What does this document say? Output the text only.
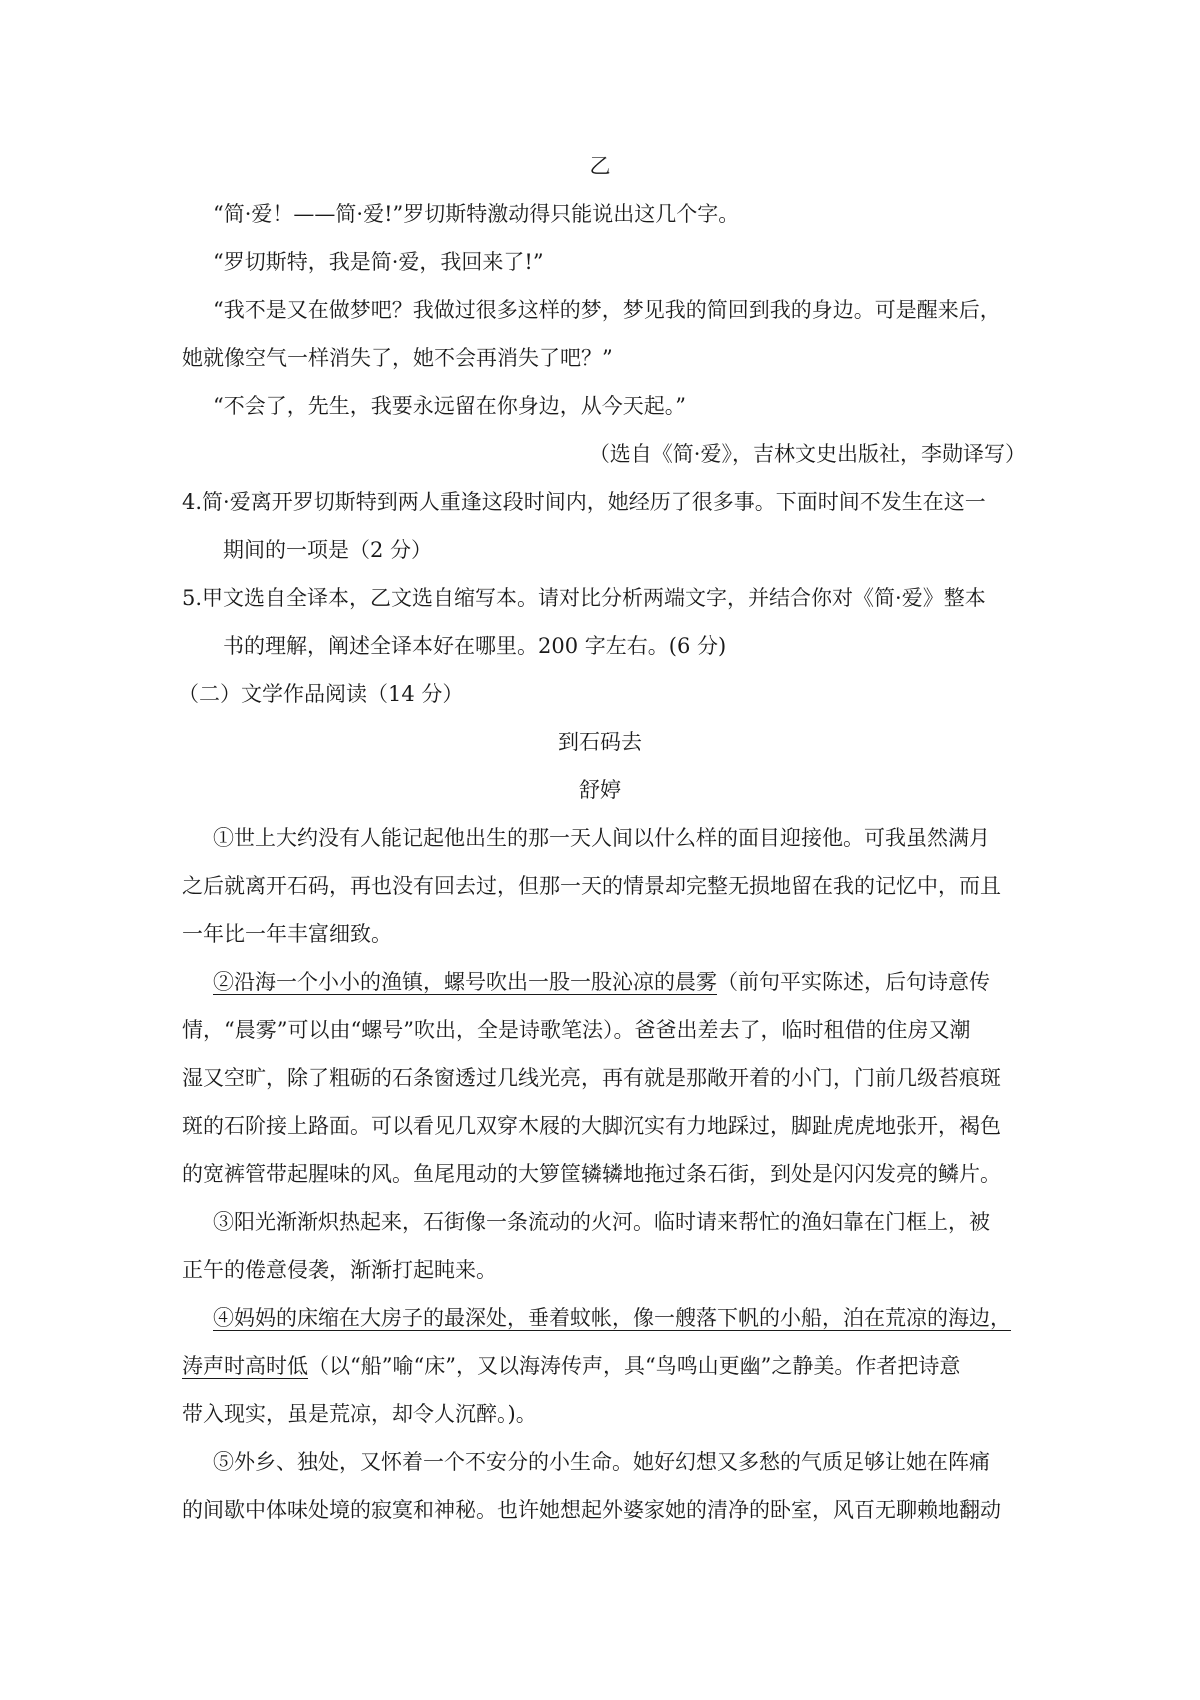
乙
“简·爱！——简·爱!”罗切斯特激动得只能说出这几个字。
“罗切斯特，我是简·爱，我回来了!”
“我不是又在做梦吧？我做过很多这样的梦，梦见我的简回到我的身边。可是醒来后，
她就像空气一样消失了，她不会再消失了吧？”
“不会了，先生，我要永远留在你身边，从今天起。”
（选自《简·爱》，吉林文史出版社，李勋译写）
4.简·爱离开罗切斯特到两人重逢这段时间内，她经历了很多事。下面时间不发生在这一
期间的一项是（2 分）
5.甲文选自全译本，乙文选自缩写本。请对比分析两端文字，并结合你对《简·爱》整本
书的理解，阐述全译本好在哪里。200 字左右。(6 分)
（二）文学作品阅读（14 分）
到石码去
舒婷
①世上大约没有人能记起他出生的那一天人间以什么样的面目迎接他。可我虽然满月
之后就离开石码，再也没有回去过，但那一天的情景却完整无损地留在我的记忆中，而且
一年比一年丰富细致。
②沿海一个小小的渔镇，螺号吹出一股一股沁凉的晨雾（前句平实陈述，后句诗意传
情，“晨雾”可以由“螺号”吹出，全是诗歌笔法）。爸爸出差去了，临时租借的住房又潮
湿又空旷，除了粗砺的石条窗透过几线光亮，再有就是那敞开着的小门，门前几级苔痕斑
斑的石阶接上路面。可以看见几双穿木屐的大脚沉实有力地踩过，脚趾虎虎地张开，褐色
的宽裤管带起腥味的风。鱼尾甩动的大箩筐辚辚地拖过条石街，到处是闪闪发亮的鳞片。
③阳光渐渐炽热起来，石街像一条流动的火河。临时请来帮忙的渔妇靠在门框上，被
正午的倦意侵袭，渐渐打起盹来。
④妈妈的床缩在大房子的最深处，垂着蚊帐，像一艘落下帆的小船，泊在荒凉的海边，
涛声时高时低（以“船”喻“床”，又以海涛传声，具“鸟鸣山更幽”之静美。作者把诗意
带入现实，虽是荒凉，却令人沉醉。)。
⑤外乡、独处，又怀着一个不安分的小生命。她好幻想又多愁的气质足够让她在阵痛
的间歇中体味处境的寂寞和神秘。也许她想起外婆家她的清净的卧室，风百无聊赖地翻动
